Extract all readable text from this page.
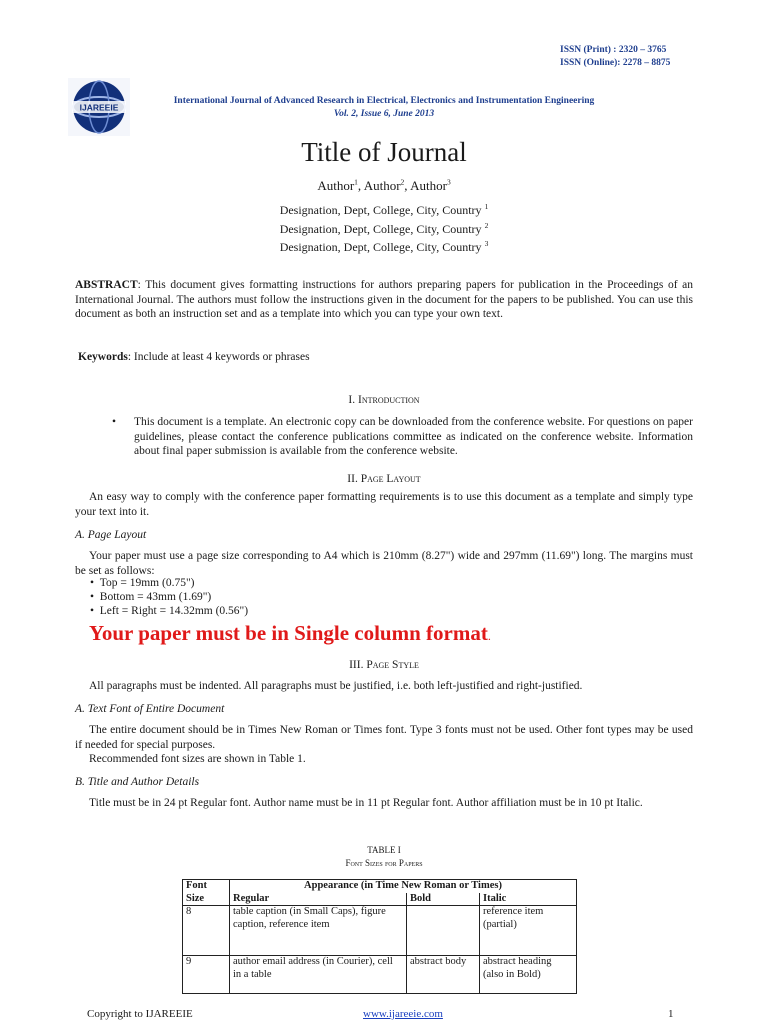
ISSN (Print) : 2320 – 3765
ISSN (Online): 2278 – 8875
IJAREEIE
International Journal of Advanced Research in Electrical, Electronics and Instrumentation Engineering
Vol. 2, Issue 6, June 2013
Title of Journal
Author$^1$, Author$^2$, Author$^3$
Designation, Dept, College, City, Country $^1$
Designation, Dept, College, City, Country $^2$
Designation, Dept, College, City, Country $^3$
ABSTRACT: This document gives formatting instructions for authors preparing papers for publication in the Proceedings of an International Journal. The authors must follow the instructions given in the document for the papers to be published. You can use this document as both an instruction set and as a template into which you can type your own text.
Keywords: Include at least 4 keywords or phrases
I. Introduction
• This document is a template. An electronic copy can be downloaded from the conference website. For questions on paper guidelines, please contact the conference publications committee as indicated on the conference website. Information about final paper submission is available from the conference website.
II. Page Layout
An easy way to comply with the conference paper formatting requirements is to use this document as a template and simply type your text into it.
A. Page Layout
Your paper must use a page size corresponding to A4 which is 210mm (8.27") wide and 297mm (11.69") long. The margins must be set as follows:
•  Top = 19mm (0.75")
•  Bottom = 43mm (1.69")
•  Left = Right = 14.32mm (0.56")
Your paper must be in Single column format.
III. Page Style
All paragraphs must be indented. All paragraphs must be justified, i.e. both left-justified and right-justified.
A. Text Font of Entire Document
The entire document should be in Times New Roman or Times font. Type 3 fonts must not be used. Other font types may be used if needed for special purposes.
Recommended font sizes are shown in Table 1.
B. Title and Author Details
Title must be in 24 pt Regular font. Author name must be in 11 pt Regular font. Author affiliation must be in 10 pt Italic.
TABLE I
Font Sizes for Papers
Font Size	Appearance (in Time New Roman or Times)		
	Regular	Bold	Italic
8	table caption (in Small Caps), figure caption, reference item		reference item (partial)
9	author email address (in Courier), cell in a table	abstract body	abstract heading (also in Bold)
Copyright to IJAREEIE	www.ijareeie.com	1
